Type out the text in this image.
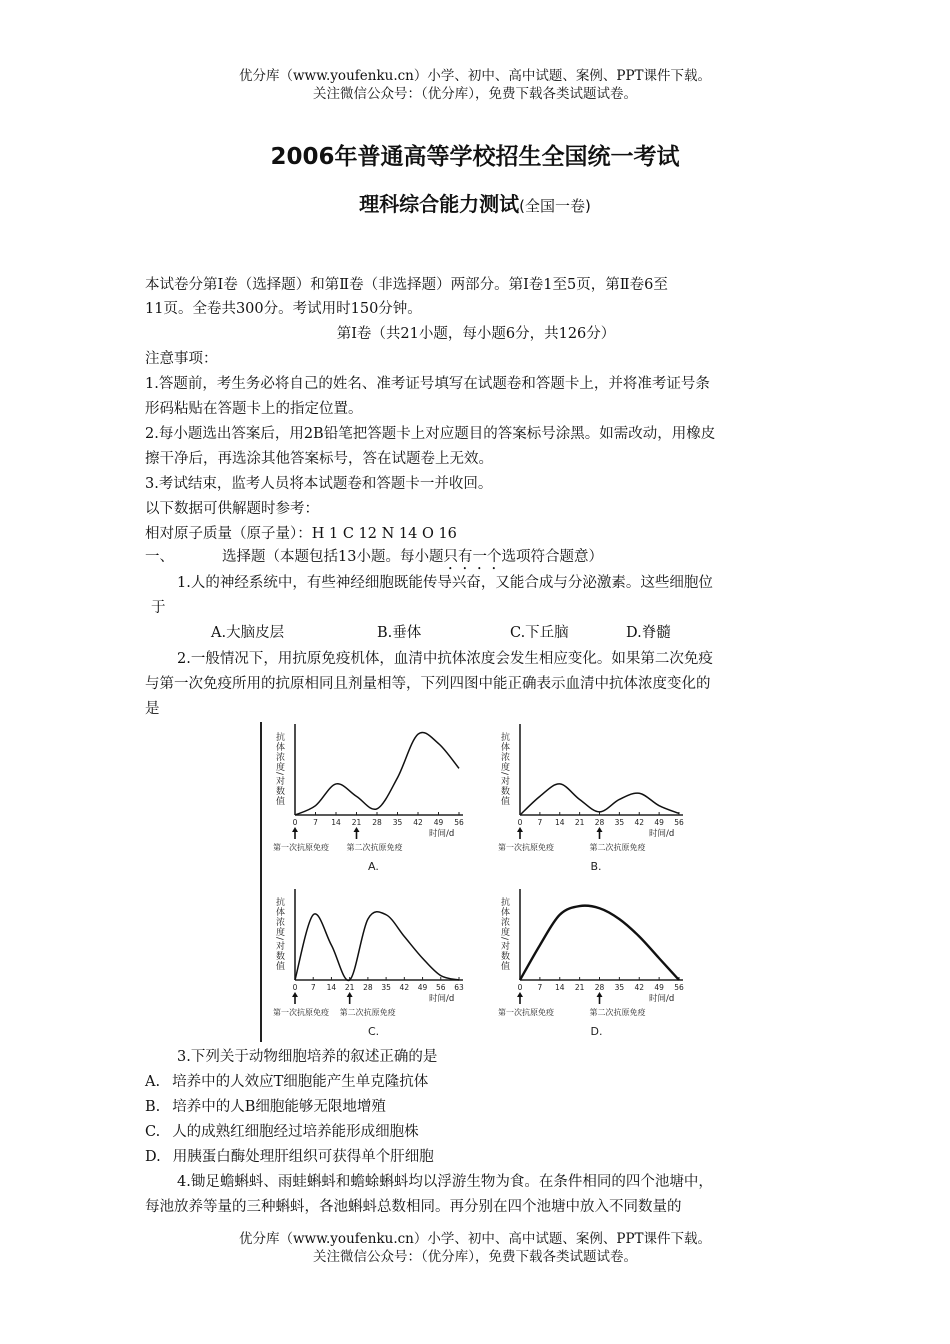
优分库（www.youfenku.cn）小学、初中、高中试题、案例、PPT课件下载。
关注微信公众号：（优分库），免费下载各类试题试卷。
2006年普通高等学校招生全国统一考试
理科综合能力测试(全国一卷)
本试卷分第Ⅰ卷（选择题）和第Ⅱ卷（非选择题）两部分。第Ⅰ卷1至5页，第Ⅱ卷6至
11页。全卷共300分。考试用时150分钟。
第Ⅰ卷（共21小题，每小题6分，共126分）
注意事项：
1.答题前，考生务必将自己的姓名、准考证号填写在试题卷和答题卡上，并将准考证号条
形码粘贴在答题卡上的指定位置。
2.每小题选出答案后，用2B铅笔把答题卡上对应题目的答案标号涂黑。如需改动，用橡皮
擦干净后，再选涂其他答案标号，答在试题卷上无效。
3.考试结束，监考人员将本试题卷和答题卡一并收回。
以下数据可供解题时参考：
相对原子质量（原子量）：H 1 C 12 N 14 O 16
一、	选择题（本题包括13小题。每小题只有一个选项符合题意）
1.人的神经系统中，有些神经细胞既能传导兴奋，又能合成与分泌激素。这些细胞位
于
A.大脑皮层	B.垂体	C.下丘脑	D.脊髓
2.一般情况下，用抗原免疫机体，血清中抗体浓度会发生相应变化。如果第二次免疫
与第一次免疫所用的抗原相同且剂量相等，下列四图中能正确表示血清中抗体浓度变化的
是
3.下列关于动物细胞培养的叙述正确的是
A. 培养中的人效应T细胞能产生单克隆抗体
B. 培养中的人B细胞能够无限地增殖
C. 人的成熟红细胞经过培养能形成细胞株
D. 用胰蛋白酶处理肝组织可获得单个肝细胞
4.锄足蟾蝌蚪、雨蛙蝌蚪和蟾蜍蝌蚪均以浮游生物为食。在条件相同的四个池塘中，
每池放养等量的三种蝌蚪，各池蝌蚪总数相同。再分别在四个池塘中放入不同数量的
抗体浓度/对数值
0 7 14 21 28 35 42 49 56
时间/d
第一次抗原免疫 第二次抗原免疫
A.
抗体浓度/对数值
0 7 14 21 28 35 42 49 56
时间/d
第一次抗原免疫	第二次抗原免疫
B.
抗体浓度/对数值
0 7 14 21 28 35 42 49 56 63
时间/d
第一次抗原免疫 第二次抗原免疫
C.
抗体浓度/对数值
0 7 14 21 28 35 42 49 56
时间/d
第一次抗原免疫	第二次抗原免疫
D.
优分库（www.youfenku.cn）小学、初中、高中试题、案例、PPT课件下载。
关注微信公众号：（优分库），免费下载各类试题试卷。
